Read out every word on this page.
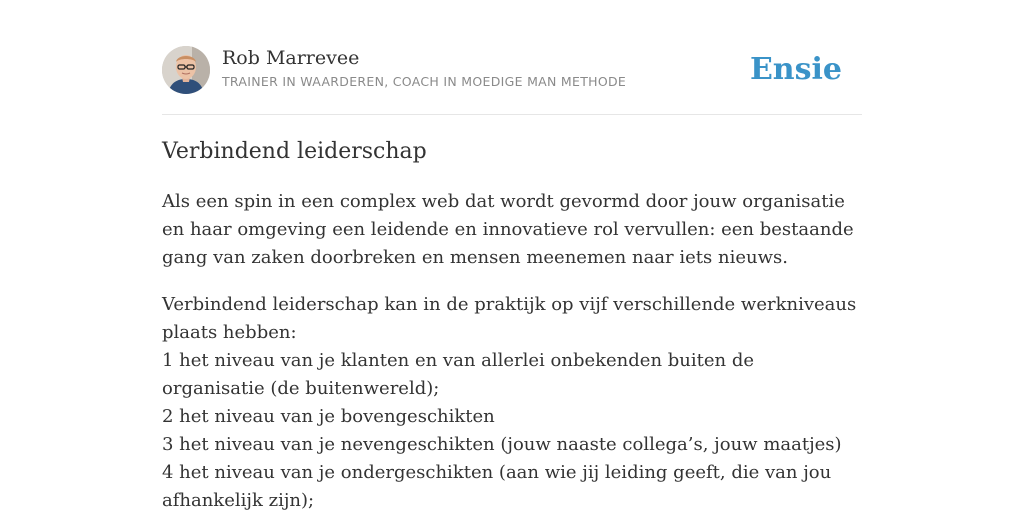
Rob Marrevee
TRAINER IN WAARDEREN, COACH IN MOEDIGE MAN METHODE	Ensie
Verbindend leiderschap

Als een spin in een complex web dat wordt gevormd door jouw organisatie en haar omgeving een leidende en innovatieve rol vervullen: een bestaande gang van zaken doorbreken en mensen meenemen naar iets nieuws.

Verbindend leiderschap kan in de praktijk op vijf verschillende werkniveaus plaats hebben:
1 het niveau van je klanten en van allerlei onbekenden buiten de organisatie (de buitenwereld);
2 het niveau van je bovengeschikten
3 het niveau van je nevengeschikten (jouw naaste collega’s, jouw maatjes)
4 het niveau van je ondergeschikten (aan wie jij leiding geeft, die van jou afhankelijk zijn);
